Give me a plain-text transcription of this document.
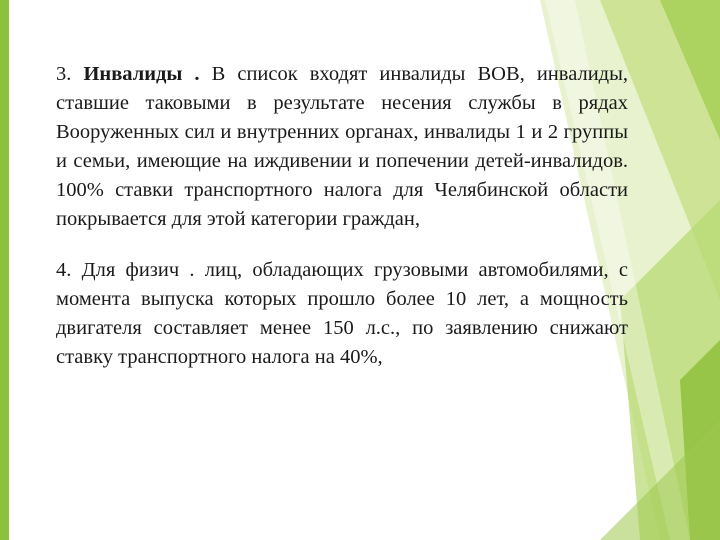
3. Инвалиды . В список входят инвалиды ВОВ, инвалиды, ставшие таковыми в результате несения службы в рядах Вооруженных сил и внутренних органах, инвалиды 1 и 2 группы и семьи, имеющие на иждивении и попечении детей-инвалидов. 100% ставки транспортного налога для Челябинской области покрывается для этой категории граждан,

4. Для физич . лиц, обладающих грузовыми автомобилями, с момента выпуска которых прошло более 10 лет, а мощность двигателя составляет менее 150 л.с., по заявлению снижают ставку транспортного налога на 40%,
